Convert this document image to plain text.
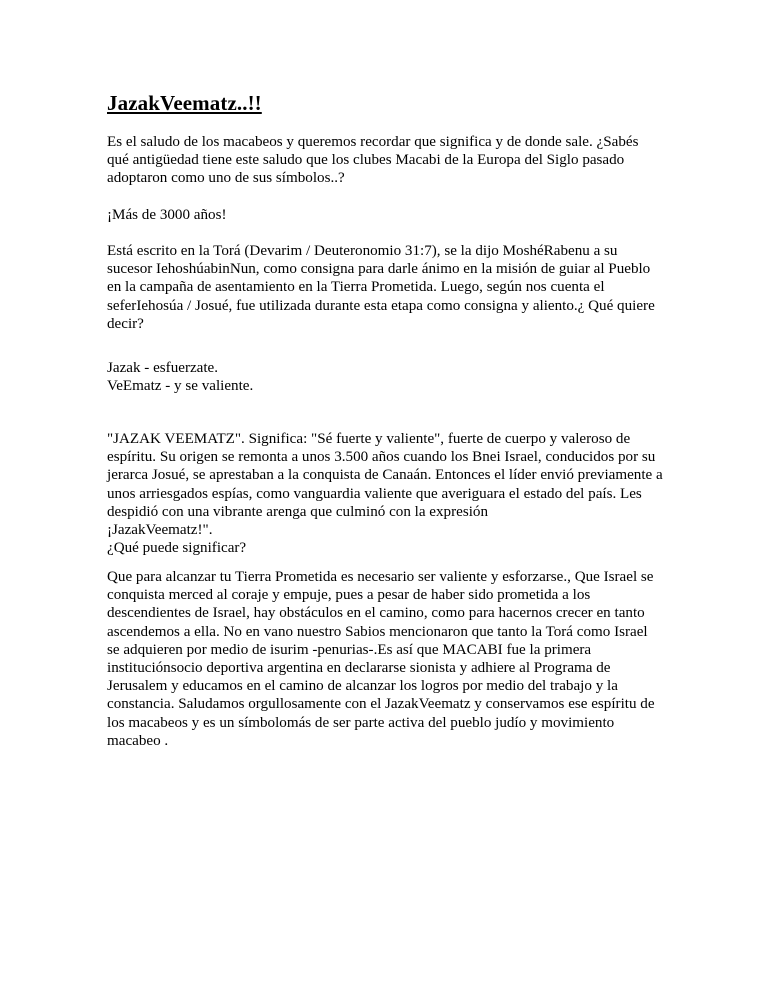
JazakVeematz..!!

Es el saludo de los macabeos y queremos recordar que significa y de donde sale. ¿Sabés
qué antigüedad tiene este saludo que los clubes Macabi de la Europa del Siglo pasado
adoptaron como uno de sus símbolos..?

¡Más de 3000 años!

Está escrito en la Torá (Devarim / Deuteronomio 31:7), se la dijo MoshéRabenu a su
sucesor IehoshúabinNun, como consigna para darle ánimo en la misión de guiar al Pueblo
en la campaña de asentamiento en la Tierra Prometida. Luego, según nos cuenta el
seferIehosúa / Josué, fue utilizada durante esta etapa como consigna y aliento.¿ Qué quiere
decir?

Jazak - esfuerzate.
VeEmatz - y se valiente.

"JAZAK VEEMATZ". Significa: "Sé fuerte y valiente", fuerte de cuerpo y valeroso de
espíritu. Su origen se remonta a unos 3.500 años cuando los Bnei Israel, conducidos por su
jerarca Josué, se aprestaban a la conquista de Canaán. Entonces el líder envió previamente a
unos arriesgados espías, como vanguardia valiente que averiguara el estado del país. Les
despidió con una vibrante arenga que culminó con la expresión
¡JazakVeematz!".
¿Qué puede significar?

Que para alcanzar tu Tierra Prometida es necesario ser valiente y esforzarse., Que Israel se
conquista merced al coraje y empuje, pues a pesar de haber sido prometida a los
descendientes de Israel, hay obstáculos en el camino, como para hacernos crecer en tanto
ascendemos a ella. No en vano nuestro Sabios mencionaron que tanto la Torá como Israel
se adquieren por medio de isurim -penurias-.Es así que MACABI fue la primera
instituciónsocio deportiva argentina en declararse sionista y adhiere al Programa de
Jerusalem y educamos en el camino de alcanzar los logros por medio del trabajo y la
constancia. Saludamos orgullosamente con el JazakVeematz y conservamos ese espíritu de
los macabeos y es un símbolomás de ser parte activa del pueblo judío y movimiento
macabeo .
